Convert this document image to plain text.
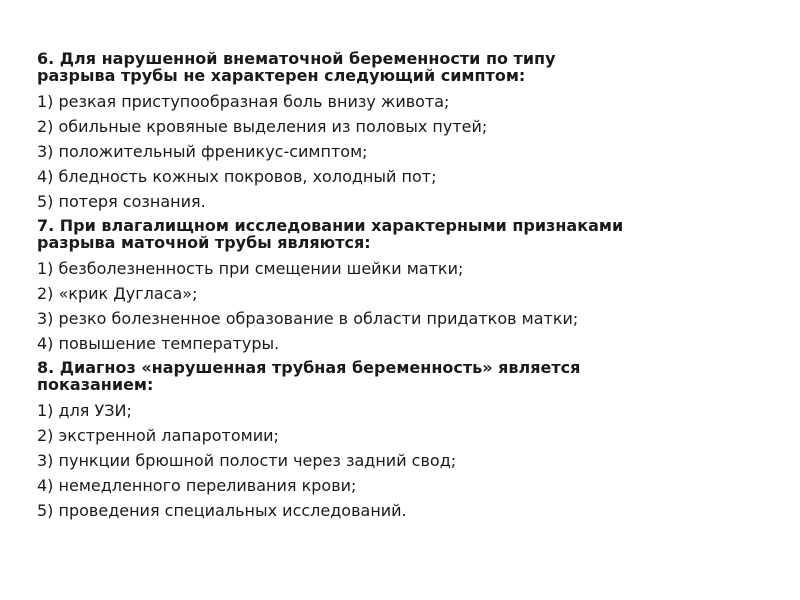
6. Для нарушенной внематочной беременности по типу
разрыва трубы не характерен следующий симптом:
1) резкая приступообразная боль внизу живота;
2) обильные кровяные выделения из половых путей;
3) положительный френикус-симптом;
4) бледность кожных покровов, холодный пот;
5) потеря сознания.
7. При влагалищном исследовании характерными признаками
разрыва маточной трубы являются:
1) безболезненность при смещении шейки матки;
2) «крик Дугласа»;
3) резко болезненное образование в области придатков матки;
4) повышение температуры.
8. Диагноз «нарушенная трубная беременность» является
показанием:
1) для УЗИ;
2) экстренной лапаротомии;
3) пункции брюшной полости через задний свод;
4) немедленного переливания крови;
5) проведения специальных исследований.
